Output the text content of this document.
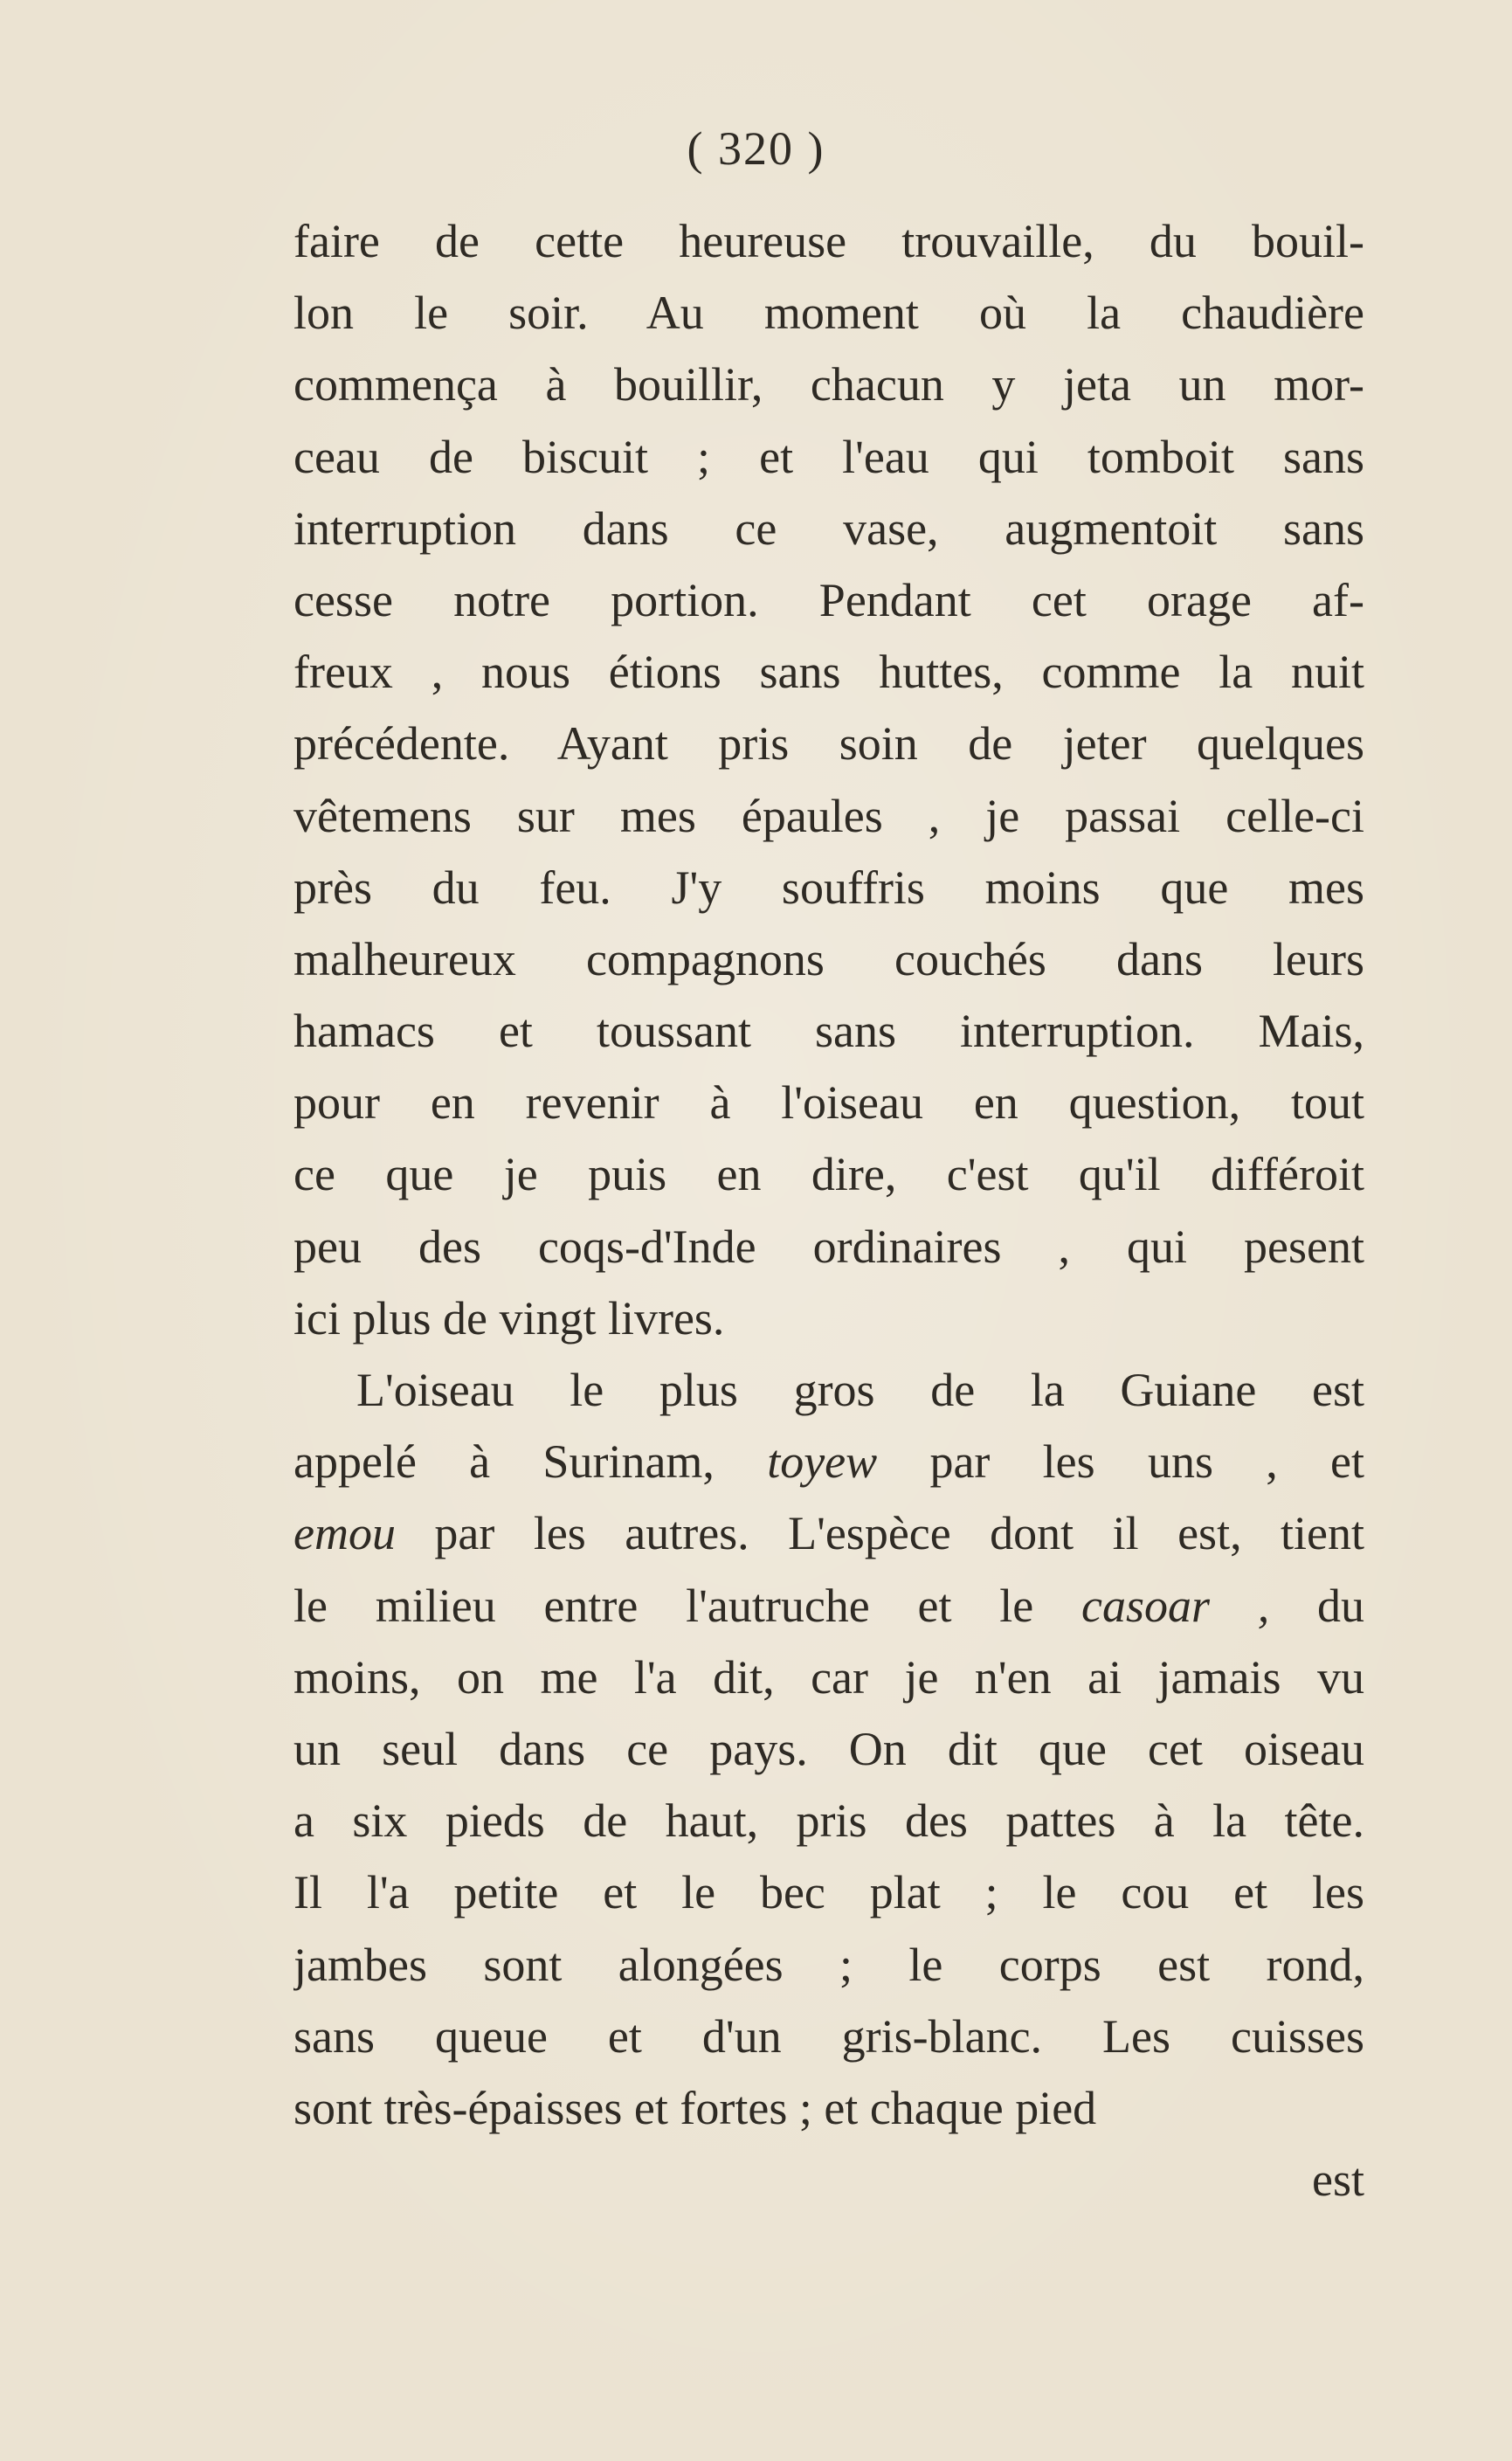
( 320 )
faire de cette heureuse trouvaille, du bouil-
lon le soir. Au moment où la chaudière
commença à bouillir, chacun y jeta un mor-
ceau de biscuit ; et l'eau qui tomboit sans
interruption dans ce vase, augmentoit sans
cesse notre portion. Pendant cet orage af-
freux , nous étions sans huttes, comme la nuit
précédente. Ayant pris soin de jeter quelques
vêtemens sur mes épaules , je passai celle-ci
près du feu. J'y souffris moins que mes
malheureux compagnons couchés dans leurs
hamacs et toussant sans interruption. Mais,
pour en revenir à l'oiseau en question, tout
ce que je puis en dire, c'est qu'il différoit
peu des coqs-d'Inde ordinaires , qui pesent
ici plus de vingt livres.
L'oiseau le plus gros de la Guiane est
appelé à Surinam, toyew par les uns , et
emou par les autres. L'espèce dont il est, tient
le milieu entre l'autruche et le casoar , du
moins, on me l'a dit, car je n'en ai jamais vu
un seul dans ce pays. On dit que cet oiseau
a six pieds de haut, pris des pattes à la tête.
Il l'a petite et le bec plat ; le cou et les
jambes sont alongées ; le corps est rond,
sans queue et d'un gris-blanc. Les cuisses
sont très-épaisses et fortes ; et chaque pied
est
